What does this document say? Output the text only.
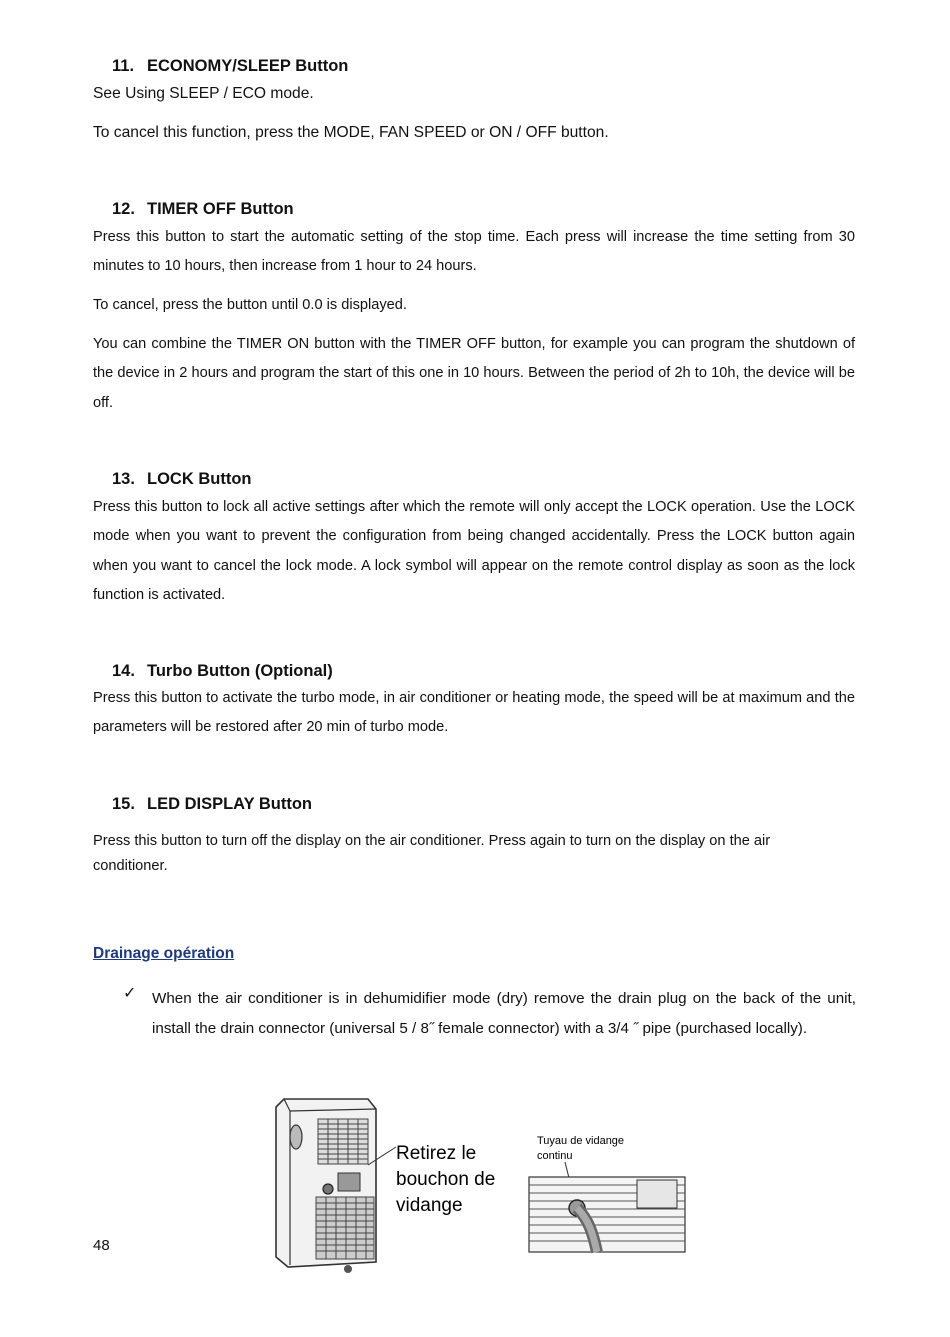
11. ECONOMY/SLEEP Button

See Using SLEEP / ECO mode.

To cancel this function, press the MODE, FAN SPEED or ON / OFF button.

12. TIMER OFF Button

Press this button to start the automatic setting of the stop time. Each press will increase the time setting from 30 minutes to 10 hours, then increase from 1 hour to 24 hours.

To cancel, press the button until 0.0 is displayed.

You can combine the TIMER ON button with the TIMER OFF button, for example you can program the shutdown of the device in 2 hours and program the start of this one in 10 hours. Between the period of 2h to 10h, the device will be off.

13. LOCK Button

Press this button to lock all active settings after which the remote will only accept the LOCK operation. Use the LOCK mode when you want to prevent the configuration from being changed accidentally. Press the LOCK button again when you want to cancel the lock mode. A lock symbol will appear on the remote control display as soon as the lock function is activated.

14. Turbo Button (Optional)

Press this button to activate the turbo mode, in air conditioner or heating mode, the speed will be at maximum and the parameters will be restored after 20 min of turbo mode.

15. LED DISPLAY Button

Press this button to turn off the display on the air conditioner. Press again to turn on the display on the air conditioner.

Drainage opération
✓ When the air conditioner is in dehumidifier mode (dry) remove the drain plug on the back of the unit, install the drain connector (universal 5 / 8˝ female connector) with a 3/4 ˝ pipe (purchased locally).

Retirez le
bouchon de
vidange
Tuyau de vidange
continu
48
